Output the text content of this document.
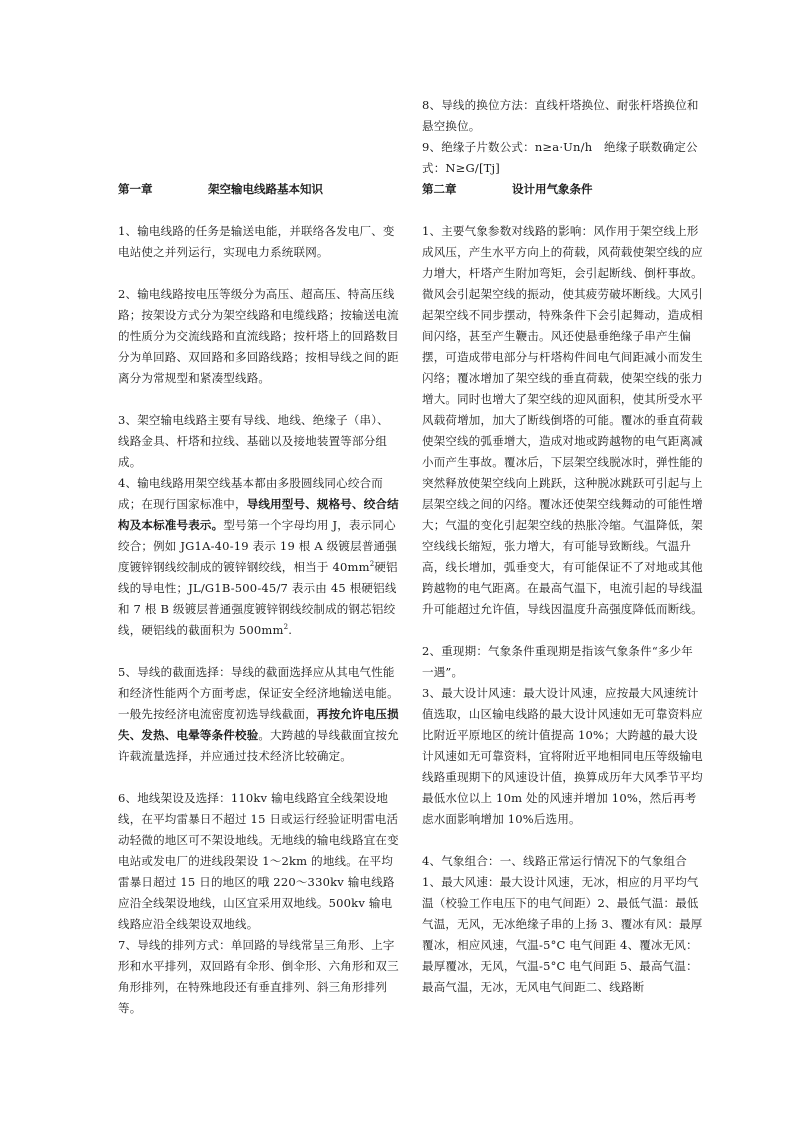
第一章	架空输电线路基本知识	第二章	设计用气象条件

1、输电线路的任务是输送电能，并联络各发电厂、变电站使之并列运行，实现电力系统联网。

2、输电线路按电压等级分为高压、超高压、特高压线路；按架设方式分为架空线路和电缆线路；按输送电流的性质分为交流线路和直流线路；按杆塔上的回路数目分为单回路、双回路和多回路线路；按相导线之间的距离分为常规型和紧凑型线路。

3、架空输电线路主要有导线、地线、绝缘子（串）、线路金具、杆塔和拉线、基础以及接地装置等部分组成。

4、输电线路用架空线基本都由多股圆线同心绞合而成；在现行国家标准中，导线用型号、规格号、绞合结构及本标准号表示。型号第一个字母均用 J，表示同心绞合；例如 JG1A-40-19 表示 19 根 A 级镀层普通强度镀锌钢线绞制成的镀锌钢绞线，相当于 $40mm^2$硬铝线的导电性；JL/G1B-500-45/7 表示由 45 根硬铝线和 7 根 B 级镀层普通强度镀锌钢线绞制成的钢芯铝绞线，硬铝线的截面积为 $500mm^2$.

5、导线的截面选择：导线的截面选择应从其电气性能和经济性能两个方面考虑，保证安全经济地输送电能。一般先按经济电流密度初选导线截面，再按允许电压损失、发热、电晕等条件校验。大跨越的导线截面宜按允许载流量选择，并应通过技术经济比较确定。

6、地线架设及选择：110kv 输电线路宜全线架设地线，在平均雷暴日不超过 15 日或运行经验证明雷电活动轻微的地区可不架设地线。无地线的输电线路宜在变电站或发电厂的进线段架设 1～2km 的地线。在平均雷暴日超过 15 日的地区的哦 220～330kv 输电线路应沿全线架设地线，山区宜采用双地线。500kv 输电线路应沿全线架设双地线。

7、导线的排列方式：单回路的导线常呈三角形、上字形和水平排列，双回路有伞形、倒伞形、六角形和双三角形排列，在特殊地段还有垂直排列、斜三角形排列等。

8、导线的换位方法：直线杆塔换位、耐张杆塔换位和悬空换位。

9、绝缘子片数公式：n≥a·Un/h　绝缘子联数确定公式：N≥G/[Tj]

1、主要气象参数对线路的影响：风作用于架空线上形成风压，产生水平方向上的荷载，风荷载使架空线的应力增大，杆塔产生附加弯矩，会引起断线、倒杆事故。微风会引起架空线的振动，使其疲劳破坏断线。大风引起架空线不同步摆动，特殊条件下会引起舞动，造成相间闪络，甚至产生鞭击。风还使悬垂绝缘子串产生偏摆，可造成带电部分与杆塔构件间电气间距减小而发生闪络；覆冰增加了架空线的垂直荷载，使架空线的张力增大。同时也增大了架空线的迎风面积，使其所受水平风载荷增加，加大了断线倒塔的可能。覆冰的垂直荷载使架空线的弧垂增大，造成对地或跨越物的电气距离减小而产生事故。覆冰后，下层架空线脱冰时，弹性能的突然释放使架空线向上跳跃，这种脱冰跳跃可引起与上层架空线之间的闪络。覆冰还使架空线舞动的可能性增大；气温的变化引起架空线的热胀冷缩。气温降低，架空线线长缩短，张力增大，有可能导致断线。气温升高，线长增加，弧垂变大，有可能保证不了对地或其他跨越物的电气距离。在最高气温下，电流引起的导线温升可能超过允许值，导线因温度升高强度降低而断线。

2、重现期：气象条件重现期是指该气象条件“多少年一遇”。

3、最大设计风速：最大设计风速，应按最大风速统计值选取，山区输电线路的最大设计风速如无可靠资料应比附近平原地区的统计值提高 10%；大跨越的最大设计风速如无可靠资料，宜将附近平地相同电压等级输电线路重现期下的风速设计值，换算成历年大风季节平均最低水位以上 10m 处的风速并增加 10%，然后再考虑水面影响增加 10%后选用。

4、气象组合：一、线路正常运行情况下的气象组合 1、最大风速：最大设计风速，无冰，相应的月平均气温（校验工作电压下的电气间距）2、最低气温：最低气温，无风，无冰绝缘子串的上扬 3、覆冰有风：最厚覆冰，相应风速，气温-5°C 电气间距 4、覆冰无风：最厚覆冰，无风，气温-5°C 电气间距 5、最高气温：最高气温，无冰，无风电气间距二、线路断
